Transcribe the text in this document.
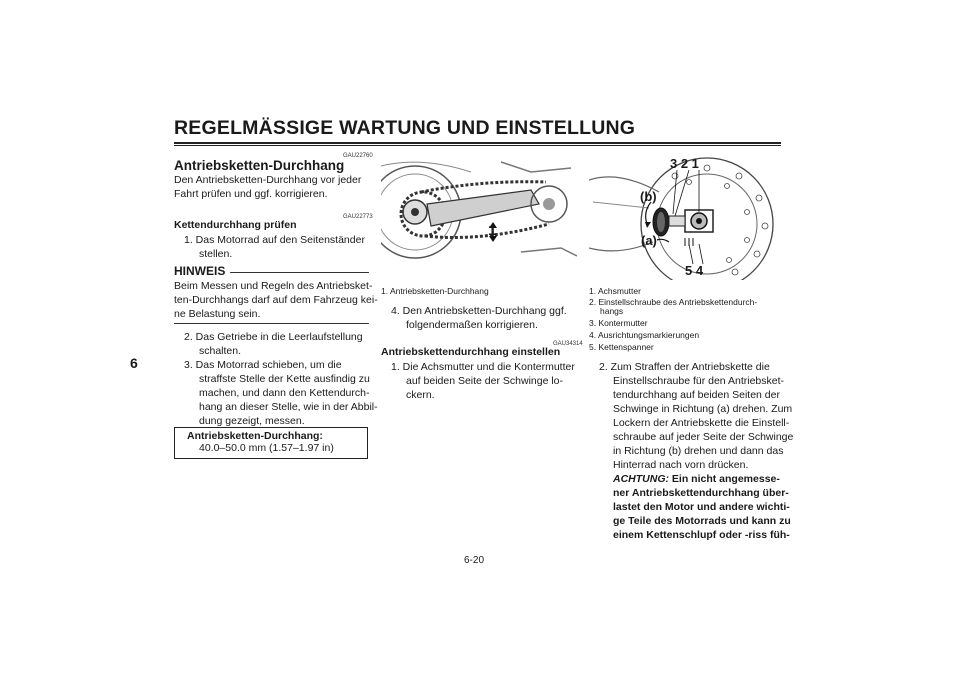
REGELMÄSSIGE WARTUNG UND EINSTELLUNG
6
GAU22760
Antriebsketten-Durchhang
Den Antriebsketten-Durchhang vor jeder
Fahrt prüfen und ggf. korrigieren.
GAU22773
Kettendurchhang prüfen
1. Das Motorrad auf den Seitenständer
stellen.
HINWEIS
Beim Messen und Regeln des Antriebsket-
ten-Durchhangs darf auf dem Fahrzeug kei-
ne Belastung sein.
2. Das Getriebe in die Leerlaufstellung
schalten.
3. Das Motorrad schieben, um die
straffste Stelle der Kette ausfindig zu
machen, und dann den Kettendurch-
hang an dieser Stelle, wie in der Abbil-
dung gezeigt, messen.
Antriebsketten-Durchhang:
40.0–50.0 mm (1.57–1.97 in)
1
1. Antriebsketten-Durchhang
4. Den Antriebsketten-Durchhang ggf.
folgendermaßen korrigieren.
GAU34314
Antriebskettendurchhang einstellen
1. Die Achsmutter und die Kontermutter
auf beiden Seite der Schwinge lo-
ckern.
3 2 1
(b)
(a)
5 4
1. Achsmutter
2. Einstellschraube des Antriebskettendurch-
hangs
3. Kontermutter
4. Ausrichtungsmarkierungen
5. Kettenspanner
2. Zum Straffen der Antriebskette die
Einstellschraube für den Antriebsket-
tendurchhang auf beiden Seiten der
Schwinge in Richtung (a) drehen. Zum
Lockern der Antriebskette die Einstell-
schraube auf jeder Seite der Schwinge
in Richtung (b) drehen und dann das
Hinterrad nach vorn drücken.
ACHTUNG: Ein nicht angemesse-
ner Antriebskettendurchhang über-
lastet den Motor und andere wichti-
ge Teile des Motorrads und kann zu
einem Kettenschlupf oder -riss füh-
6-20
